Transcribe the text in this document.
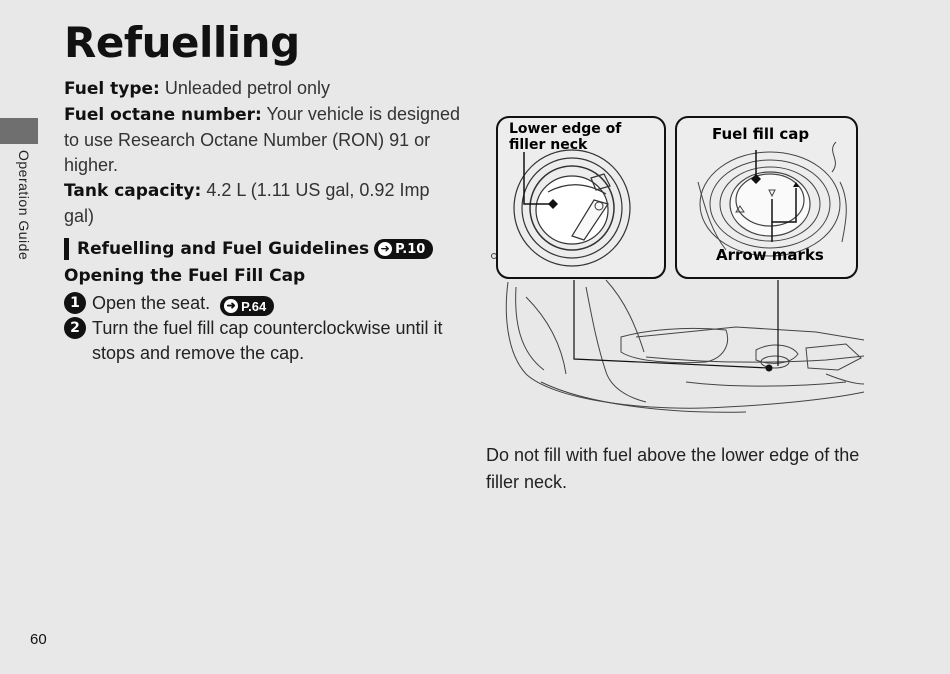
Operation Guide
Refuelling
Fuel type: Unleaded petrol only
Fuel octane number: Your vehicle is designed to use Research Octane Number (RON) 91 or higher.
Tank capacity: 4.2 L (1.11 US gal, 0.92 Imp gal)
Refuelling and Fuel Guidelines ➜ P.10
Opening the Fuel Fill Cap
1 Open the seat. ➜ P.64
2 Turn the fuel fill cap counterclockwise until it stops and remove the cap.
Lower edge of
filler neck
Fuel fill cap
Arrow marks
Do not fill with fuel above the lower edge of the filler neck.
60
